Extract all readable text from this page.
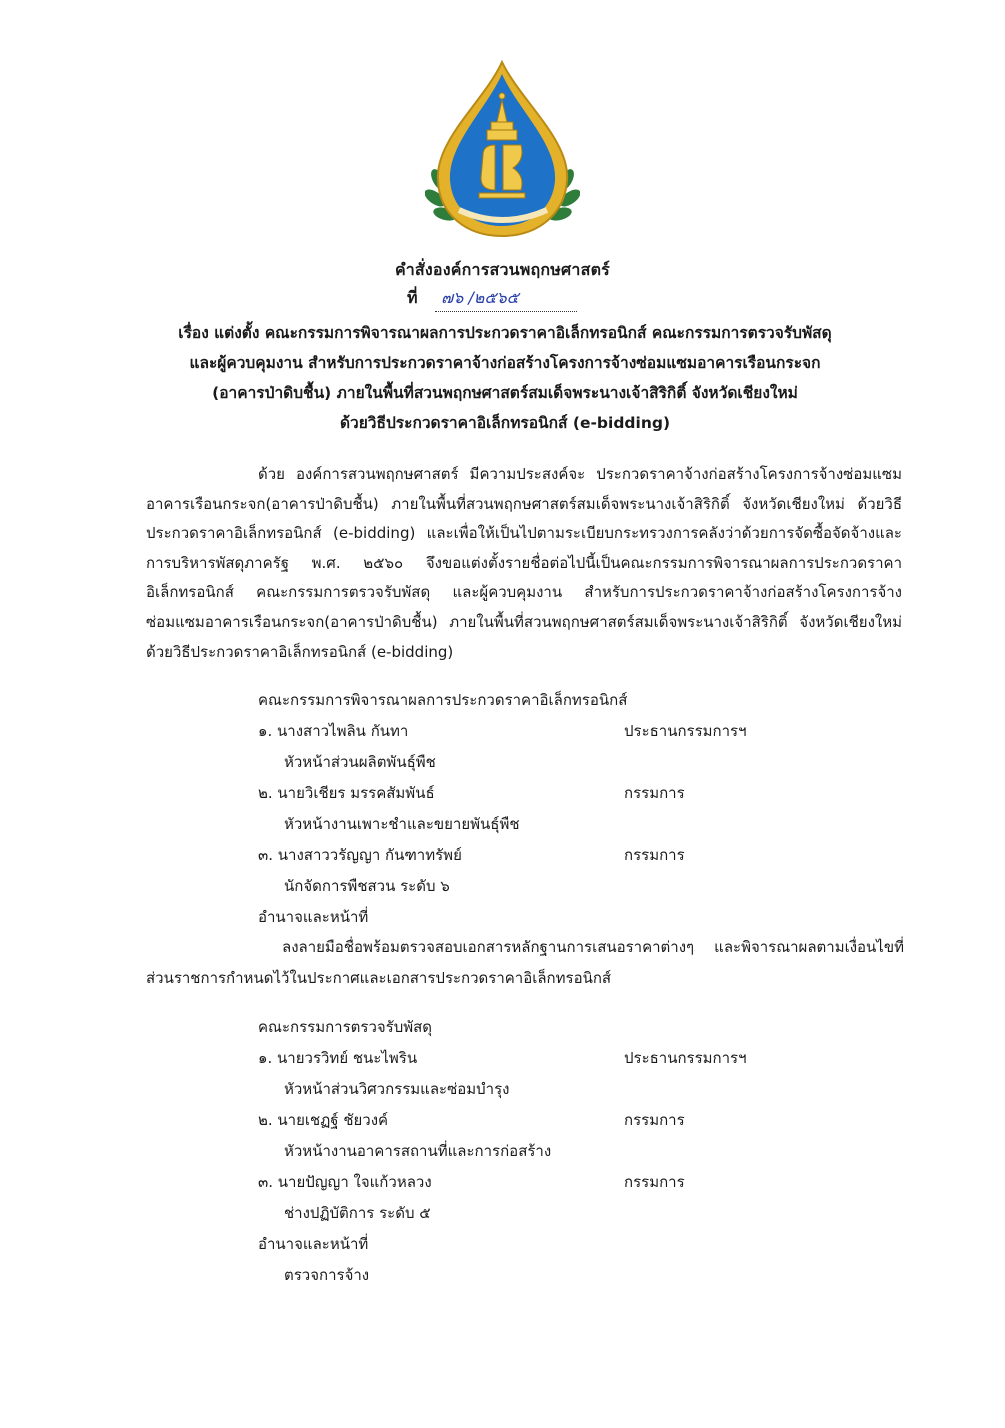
คำสั่งองค์การสวนพฤกษศาสตร์
ที่ ๗๖ /๒๕๖๕
เรื่อง แต่งตั้ง คณะกรรมการพิจารณาผลการประกวดราคาอิเล็กทรอนิกส์ คณะกรรมการตรวจรับพัสดุ
และผู้ควบคุมงาน สำหรับการประกวดราคาจ้างก่อสร้างโครงการจ้างซ่อมแซมอาคารเรือนกระจก
(อาคารป่าดิบชื้น) ภายในพื้นที่สวนพฤกษศาสตร์สมเด็จพระนางเจ้าสิริกิติ์ จังหวัดเชียงใหม่
ด้วยวิธีประกวดราคาอิเล็กทรอนิกส์ (e-bidding)
ด้วย องค์การสวนพฤกษศาสตร์ มีความประสงค์จะ ประกวดราคาจ้างก่อสร้างโครงการจ้างซ่อมแซมอาคารเรือนกระจก(อาคารป่าดิบชื้น) ภายในพื้นที่สวนพฤกษศาสตร์สมเด็จพระนางเจ้าสิริกิติ์ จังหวัดเชียงใหม่ ด้วยวิธีประกวดราคาอิเล็กทรอนิกส์ (e-bidding) และเพื่อให้เป็นไปตามระเบียบกระทรวงการคลังว่าด้วยการจัดซื้อจัดจ้างและการบริหารพัสดุภาครัฐ พ.ศ. ๒๕๖๐ จึงขอแต่งตั้งรายชื่อต่อไปนี้เป็นคณะกรรมการพิจารณาผลการประกวดราคาอิเล็กทรอนิกส์ คณะกรรมการตรวจรับพัสดุ และผู้ควบคุมงาน สำหรับการประกวดราคาจ้างก่อสร้างโครงการจ้างซ่อมแซมอาคารเรือนกระจก(อาคารป่าดิบชื้น) ภายในพื้นที่สวนพฤกษศาสตร์สมเด็จพระนางเจ้าสิริกิติ์ จังหวัดเชียงใหม่ ด้วยวิธีประกวดราคาอิเล็กทรอนิกส์ (e-bidding)
คณะกรรมการพิจารณาผลการประกวดราคาอิเล็กทรอนิกส์
๑. นางสาวไพลิน กันทา	ประธานกรรมการฯ
หัวหน้าส่วนผลิตพันธุ์พืช
๒. นายวิเชียร มรรคสัมพันธ์	กรรมการ
หัวหน้างานเพาะชำและขยายพันธุ์พืช
๓. นางสาววรัญญา กันฑาทรัพย์	กรรมการ
นักจัดการพืชสวน ระดับ ๖
อำนาจและหน้าที่
ลงลายมือชื่อพร้อมตรวจสอบเอกสารหลักฐานการเสนอราคาต่างๆ และพิจารณาผลตามเงื่อนไขที่ส่วนราชการกำหนดไว้ในประกาศและเอกสารประกวดราคาอิเล็กทรอนิกส์
คณะกรรมการตรวจรับพัสดุ
๑. นายวรวิทย์ ชนะไพริน	ประธานกรรมการฯ
หัวหน้าส่วนวิศวกรรมและซ่อมบำรุง
๒. นายเชฏฐ์ ชัยวงค์	กรรมการ
หัวหน้างานอาคารสถานที่และการก่อสร้าง
๓. นายปัญญา ใจแก้วหลวง	กรรมการ
ช่างปฏิบัติการ ระดับ ๕
อำนาจและหน้าที่
ตรวจการจ้าง
